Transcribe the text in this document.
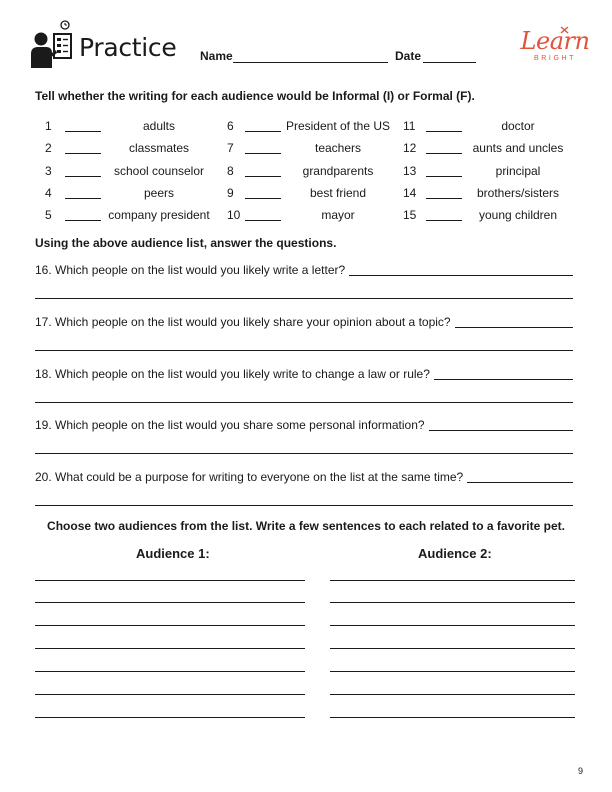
Practice Name	Date
Learn
BRIGHT
Tell whether the writing for each audience would be Informal (I) or Formal (F).
1	adults
2	classmates
3	school counselor
4	peers
5	company president
6	President of the US
7	teachers
8	grandparents
9	best friend
10	mayor
11	doctor
12	aunts and uncles
13	principal
14	brothers/sisters
15	young children
Using the above audience list, answer the questions.
16. Which people on the list would you likely write a letter?
17. Which people on the list would you likely share your opinion about a topic?
18. Which people on the list would you likely write to change a law or rule?
19. Which people on the list would you share some personal information?
20. What could be a purpose for writing to everyone on the list at the same time?
Choose two audiences from the list. Write a few sentences to each related to a favorite pet.
Audience 1:	Audience 2:
9
